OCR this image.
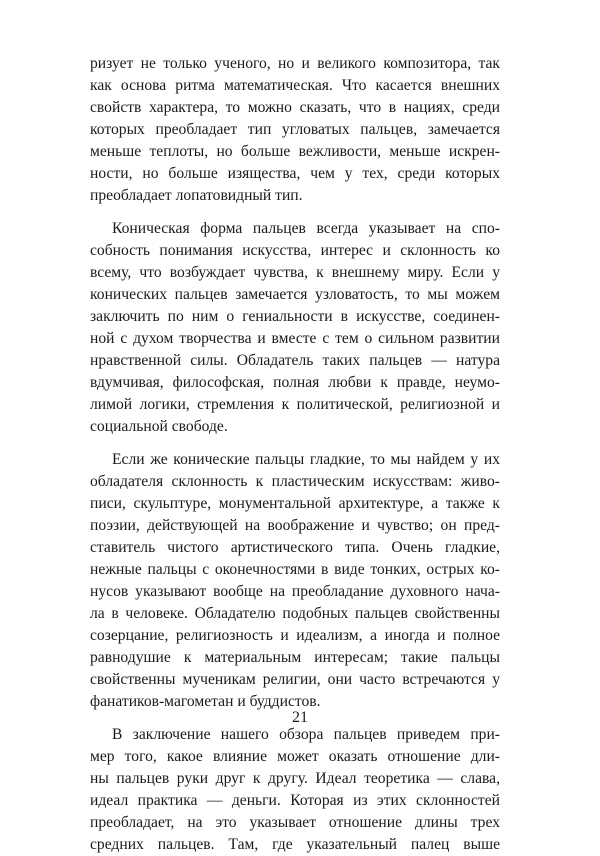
ризует не только ученого, но и великого композитора, так
как основа ритма математическая. Что касается внешних
свойств характера, то можно сказать, что в нациях, среди
которых преобладает тип угловатых пальцев, замечается
меньше теплоты, но больше вежливости, меньше искрен-
ности, но больше изящества, чем у тех, среди которых
преобладает лопатовидный тип.

Коническая форма пальцев всегда указывает на спо-
собность понимания искусства, интерес и склонность ко
всему, что возбуждает чувства, к внешнему миру. Если у
конических пальцев замечается узловатость, то мы можем
заключить по ним о гениальности в искусстве, соединен-
ной с духом творчества и вместе с тем о сильном развитии
нравственной силы. Обладатель таких пальцев — натура
вдумчивая, философская, полная любви к правде, неумо-
лимой логики, стремления к политической, религиозной и
социальной свободе.

Если же конические пальцы гладкие, то мы найдем у их
обладателя склонность к пластическим искусствам: живо-
писи, скульптуре, монументальной архитектуре, а также к
поэзии, действующей на воображение и чувство; он пред-
ставитель чистого артистического типа. Очень гладкие,
нежные пальцы с оконечностями в виде тонких, острых ко-
нусов указывают вообще на преобладание духовного нача-
ла в человеке. Обладателю подобных пальцев свойственны
созерцание, религиозность и идеализм, а иногда и полное
равнодушие к материальным интересам; такие пальцы
свойственны мученикам религии, они часто встречаются у
фанатиков-магометан и буддистов.

В заключение нашего обзора пальцев приведем при-
мер того, какое влияние может оказать отношение дли-
ны пальцев руки друг к другу. Идеал теоретика — слава,
идеал практика — деньги. Которая из этих склонностей
преобладает, на это указывает отношение длины трех
средних пальцев. Там, где указательный палец выше

21
